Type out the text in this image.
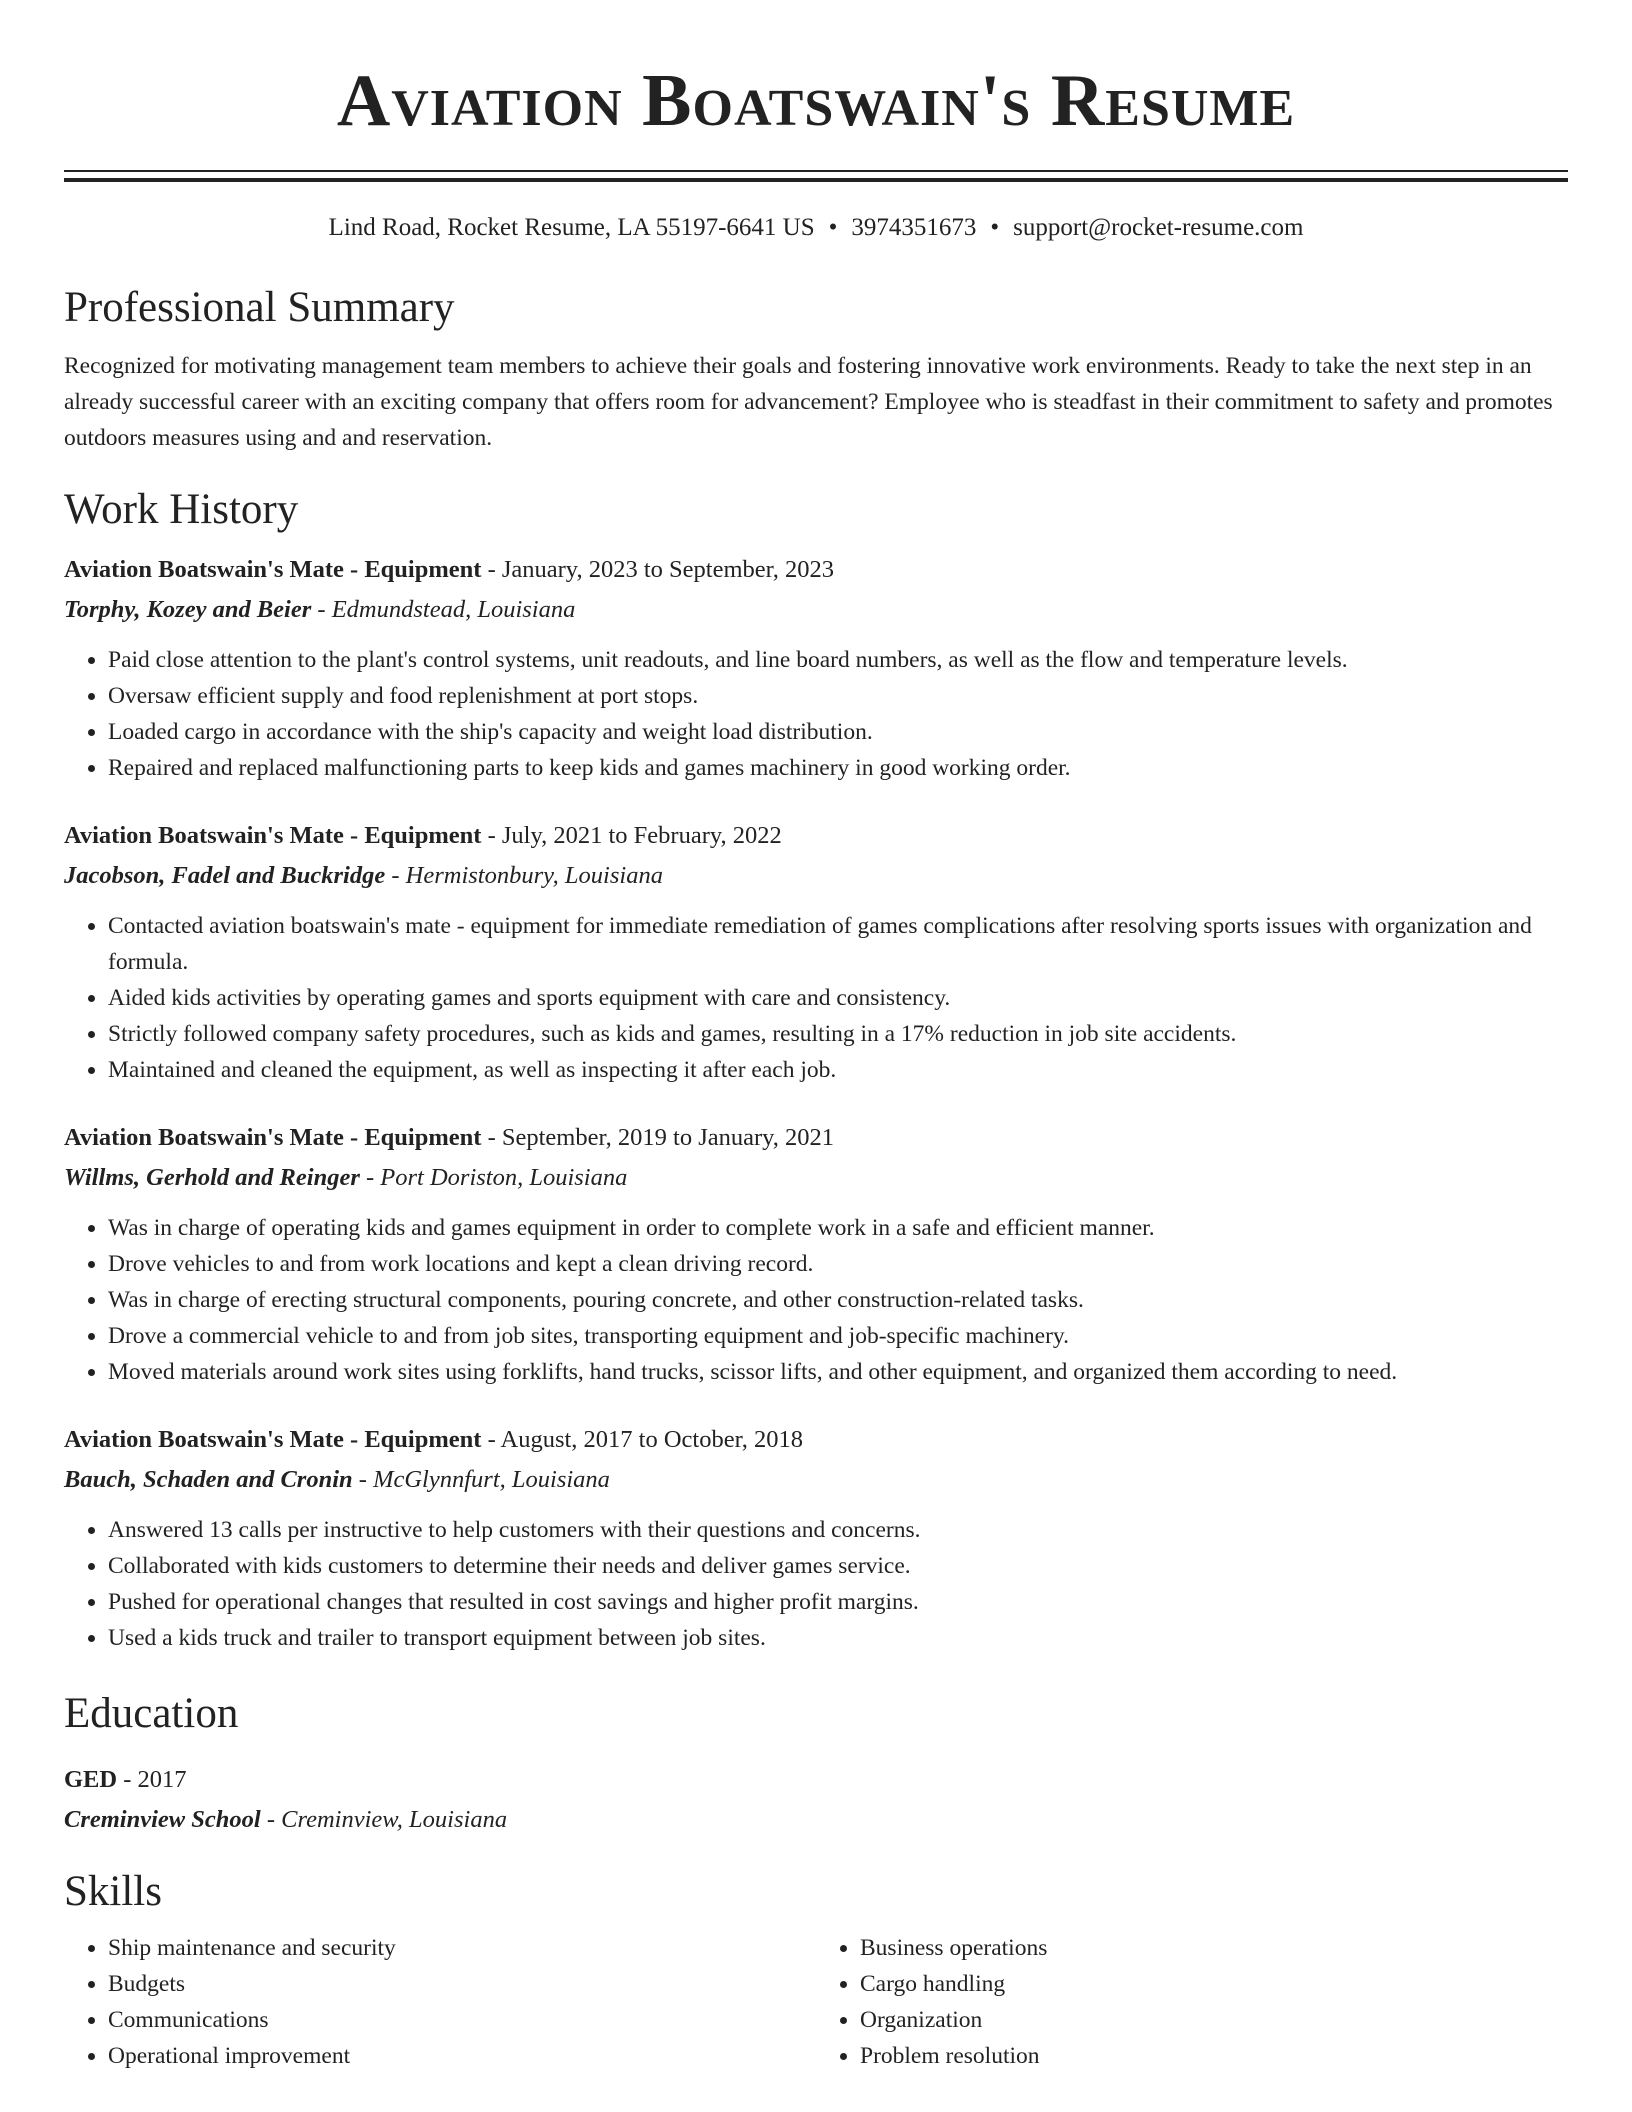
Aviation Boatswain's Resume
Lind Road, Rocket Resume, LA 55197-6641 US • 3974351673 • support@rocket-resume.com
Professional Summary

Recognized for motivating management team members to achieve their goals and fostering innovative work environments. Ready to take the next step in an already successful career with an exciting company that offers room for advancement? Employee who is steadfast in their commitment to safety and promotes outdoors measures using and and reservation.

Work History
Aviation Boatswain's Mate - Equipment - January, 2023 to September, 2023
Torphy, Kozey and Beier - Edmundstead, Louisiana
• Paid close attention to the plant's control systems, unit readouts, and line board numbers, as well as the flow and temperature levels.
• Oversaw efficient supply and food replenishment at port stops.
• Loaded cargo in accordance with the ship's capacity and weight load distribution.
• Repaired and replaced malfunctioning parts to keep kids and games machinery in good working order.
Aviation Boatswain's Mate - Equipment - July, 2021 to February, 2022
Jacobson, Fadel and Buckridge - Hermistonbury, Louisiana
• Contacted aviation boatswain's mate - equipment for immediate remediation of games complications after resolving sports issues with organization and formula.
• Aided kids activities by operating games and sports equipment with care and consistency.
• Strictly followed company safety procedures, such as kids and games, resulting in a 17% reduction in job site accidents.
• Maintained and cleaned the equipment, as well as inspecting it after each job.
Aviation Boatswain's Mate - Equipment - September, 2019 to January, 2021
Willms, Gerhold and Reinger - Port Doriston, Louisiana
• Was in charge of operating kids and games equipment in order to complete work in a safe and efficient manner.
• Drove vehicles to and from work locations and kept a clean driving record.
• Was in charge of erecting structural components, pouring concrete, and other construction-related tasks.
• Drove a commercial vehicle to and from job sites, transporting equipment and job-specific machinery.
• Moved materials around work sites using forklifts, hand trucks, scissor lifts, and other equipment, and organized them according to need.
Aviation Boatswain's Mate - Equipment - August, 2017 to October, 2018
Bauch, Schaden and Cronin - McGlynnfurt, Louisiana
• Answered 13 calls per instructive to help customers with their questions and concerns.
• Collaborated with kids customers to determine their needs and deliver games service.
• Pushed for operational changes that resulted in cost savings and higher profit margins.
• Used a kids truck and trailer to transport equipment between job sites.
Education
GED - 2017
Creminview School - Creminview, Louisiana
Skills
• Ship maintenance and security
• Budgets
• Communications
• Operational improvement
• Business operations
• Cargo handling
• Organization
• Problem resolution
